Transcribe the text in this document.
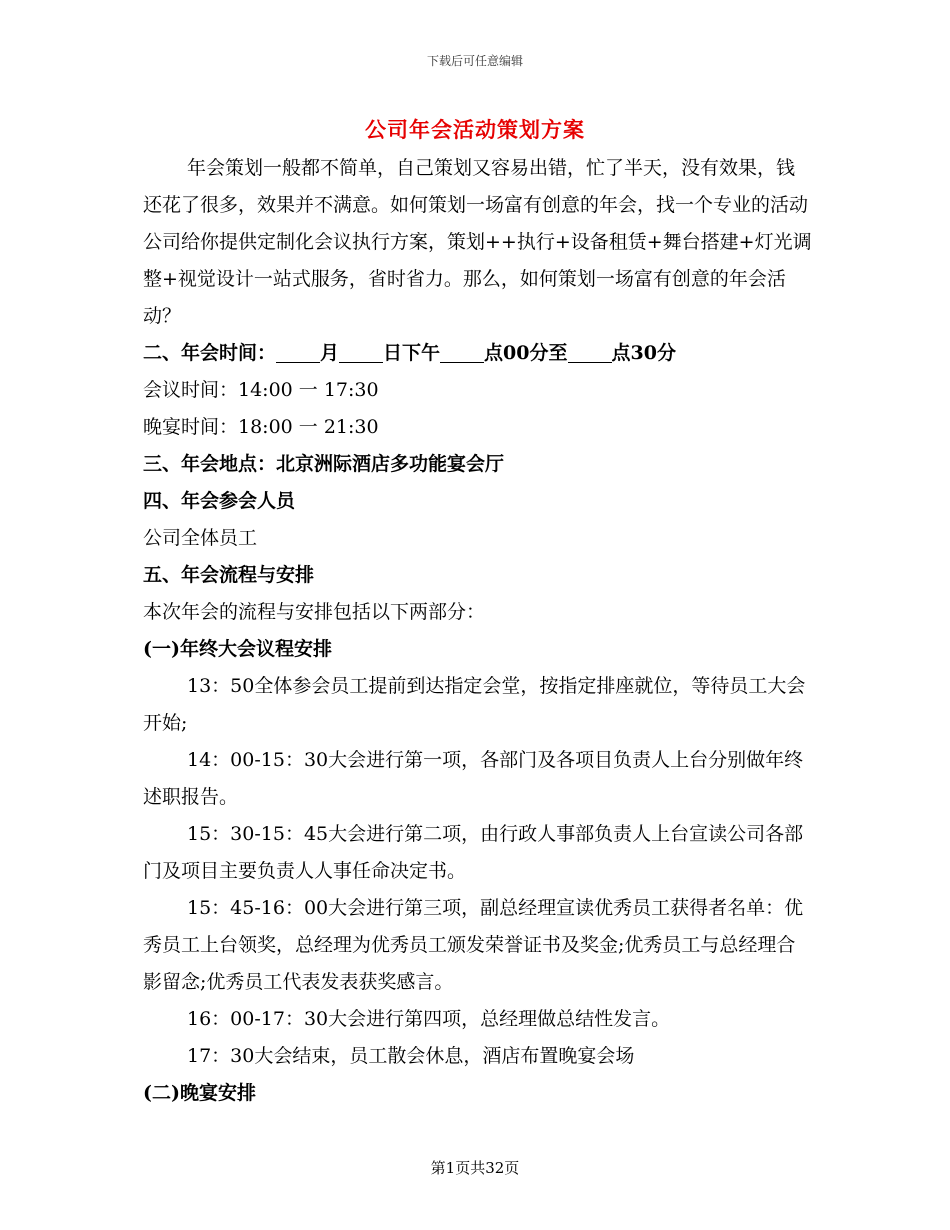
下载后可任意编辑
公司年会活动策划方案

年会策划一般都不简单，自己策划又容易出错，忙了半天，没有效果，钱还花了很多，效果并不满意。如何策划一场富有创意的年会，找一个专业的活动公司给你提供定制化会议执行方案，策划++执行+设备租赁+舞台搭建+灯光调整+视觉设计一站式服务，省时省力。那么，如何策划一场富有创意的年会活动？

二、年会时间： 月 日下午 点00分至 点30分

会议时间：14:00 一 17:30

晚宴时间：18:00 一 21:30

三、年会地点：北京洲际酒店多功能宴会厅

四、年会参会人员

公司全体员工

五、年会流程与安排

本次年会的流程与安排包括以下两部分：

(一)年终大会议程安排

13：50全体参会员工提前到达指定会堂，按指定排座就位，等待员工大会开始;

14：00-15：30大会进行第一项，各部门及各项目负责人上台分别做年终述职报告。

15：30-15：45大会进行第二项，由行政人事部负责人上台宣读公司各部门及项目主要负责人人事任命决定书。

15：45-16：00大会进行第三项，副总经理宣读优秀员工获得者名单：优秀员工上台领奖，总经理为优秀员工颁发荣誉证书及奖金;优秀员工与总经理合影留念;优秀员工代表发表获奖感言。

16：00-17：30大会进行第四项，总经理做总结性发言。

17：30大会结束，员工散会休息，酒店布置晚宴会场

(二)晚宴安排

第1页共32页
